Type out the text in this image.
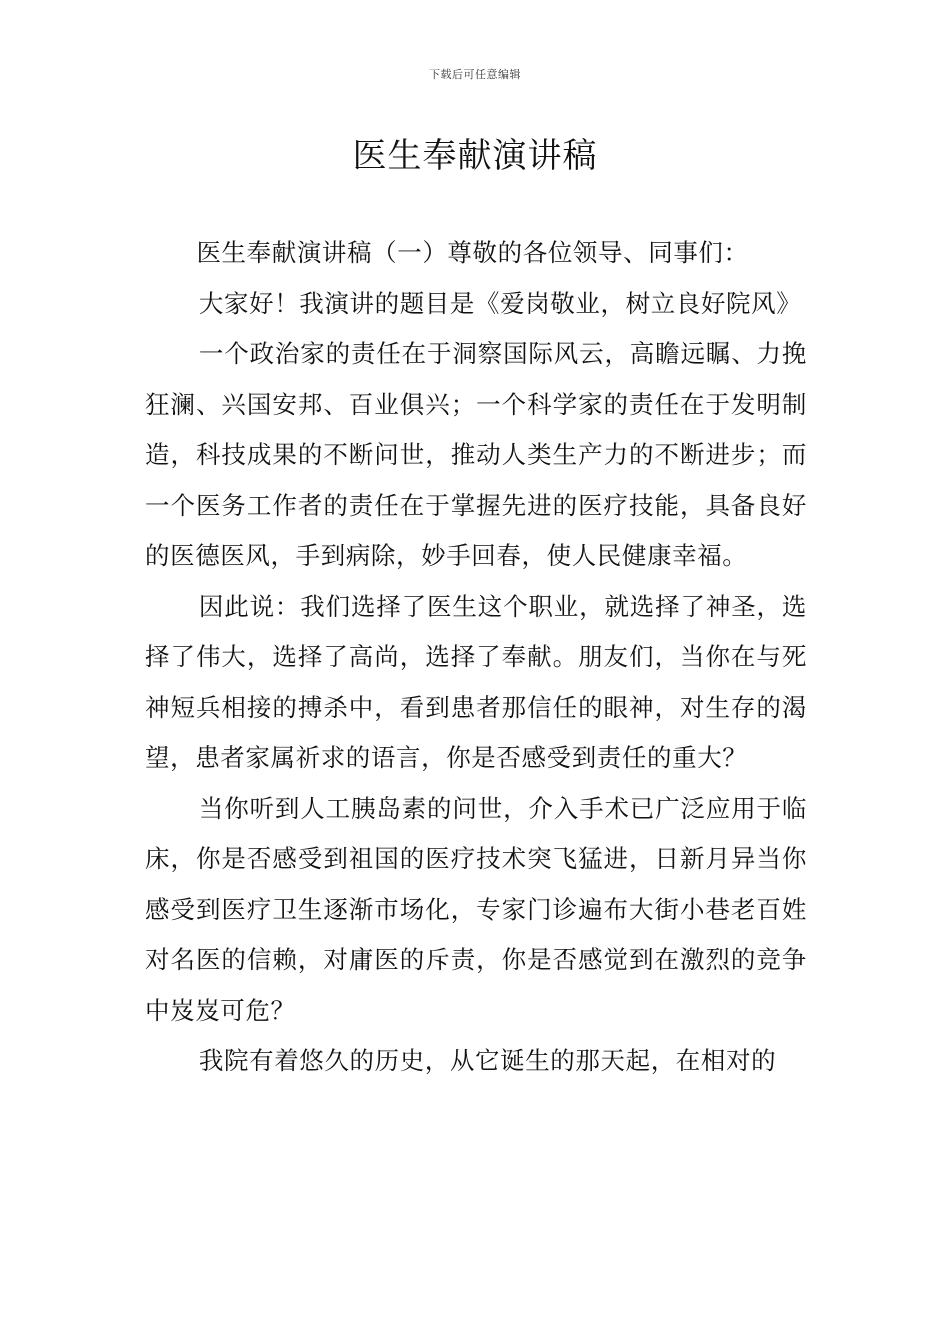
下载后可任意编辑
医生奉献演讲稿

医生奉献演讲稿（一）尊敬的各位领导、同事们：

大家好！我演讲的题目是《爱岗敬业，树立良好院风》

一个政治家的责任在于洞察国际风云，高瞻远瞩、力挽狂澜、兴国安邦、百业俱兴；一个科学家的责任在于发明制造，科技成果的不断问世，推动人类生产力的不断进步；而一个医务工作者的责任在于掌握先进的医疗技能，具备良好的医德医风，手到病除，妙手回春，使人民健康幸福。

因此说：我们选择了医生这个职业，就选择了神圣，选择了伟大，选择了高尚，选择了奉献。朋友们，当你在与死神短兵相接的搏杀中，看到患者那信任的眼神，对生存的渴望，患者家属祈求的语言，你是否感受到责任的重大？

当你听到人工胰岛素的问世，介入手术已广泛应用于临床，你是否感受到祖国的医疗技术突飞猛进，日新月异当你感受到医疗卫生逐渐市场化，专家门诊遍布大街小巷老百姓对名医的信赖，对庸医的斥责，你是否感觉到在激烈的竞争中岌岌可危？

我院有着悠久的历史，从它诞生的那天起，在相对的
